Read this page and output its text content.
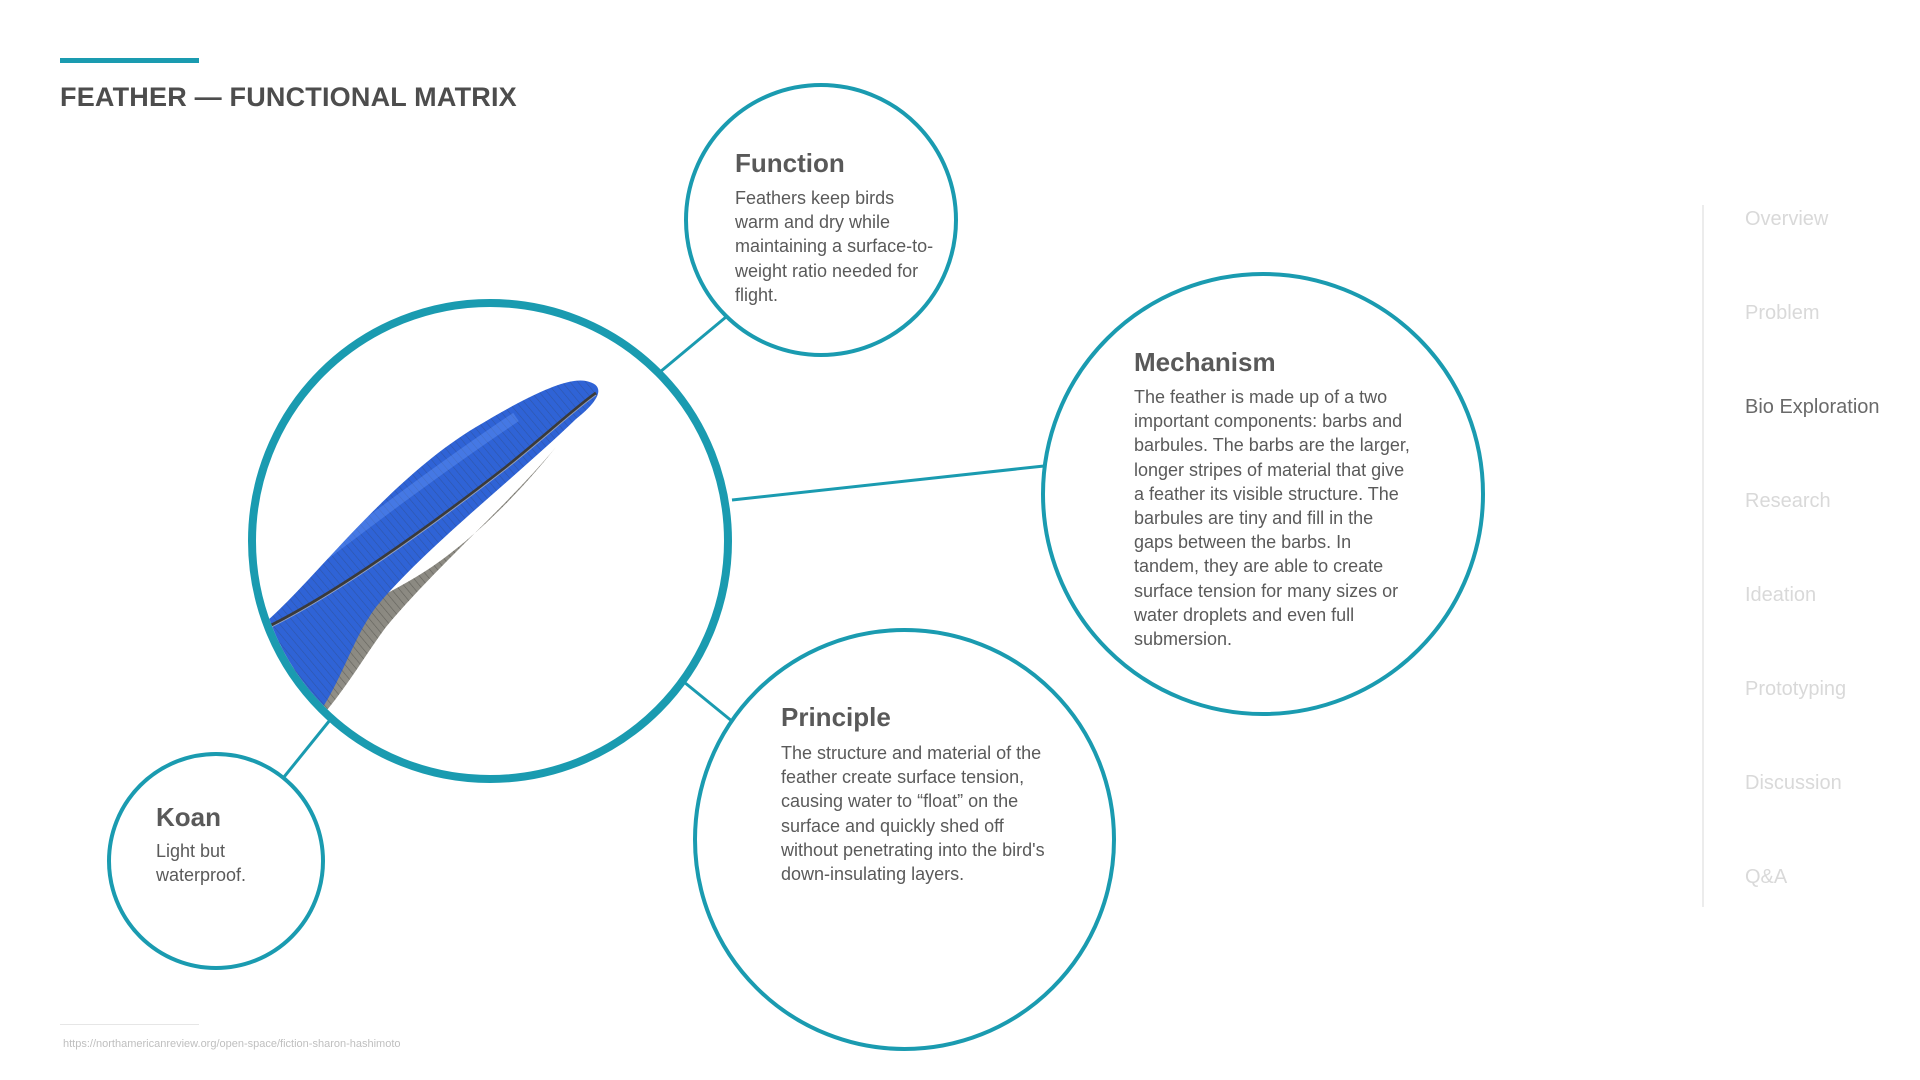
FEATHER — FUNCTIONAL MATRIX
Function

Feathers keep birds warm and dry while maintaining a surface-to-weight ratio needed for flight.

Mechanism

The feather is made up of a two important components: barbs and barbules. The barbs are the larger, longer stripes of material that give a feather its visible structure. The barbules are tiny and fill in the gaps between the barbs. In tandem, they are able to create surface tension for many sizes or water droplets and even full submersion.

Principle

The structure and material of the feather create surface tension, causing water to “float” on the surface and quickly shed off without penetrating into the bird's down-insulating layers.

Koan

Light but waterproof.

Overview
Problem
Bio Exploration
Research
Ideation
Prototyping
Discussion
Q&A
https://northamericanreview.org/open-space/fiction-sharon-hashimoto
